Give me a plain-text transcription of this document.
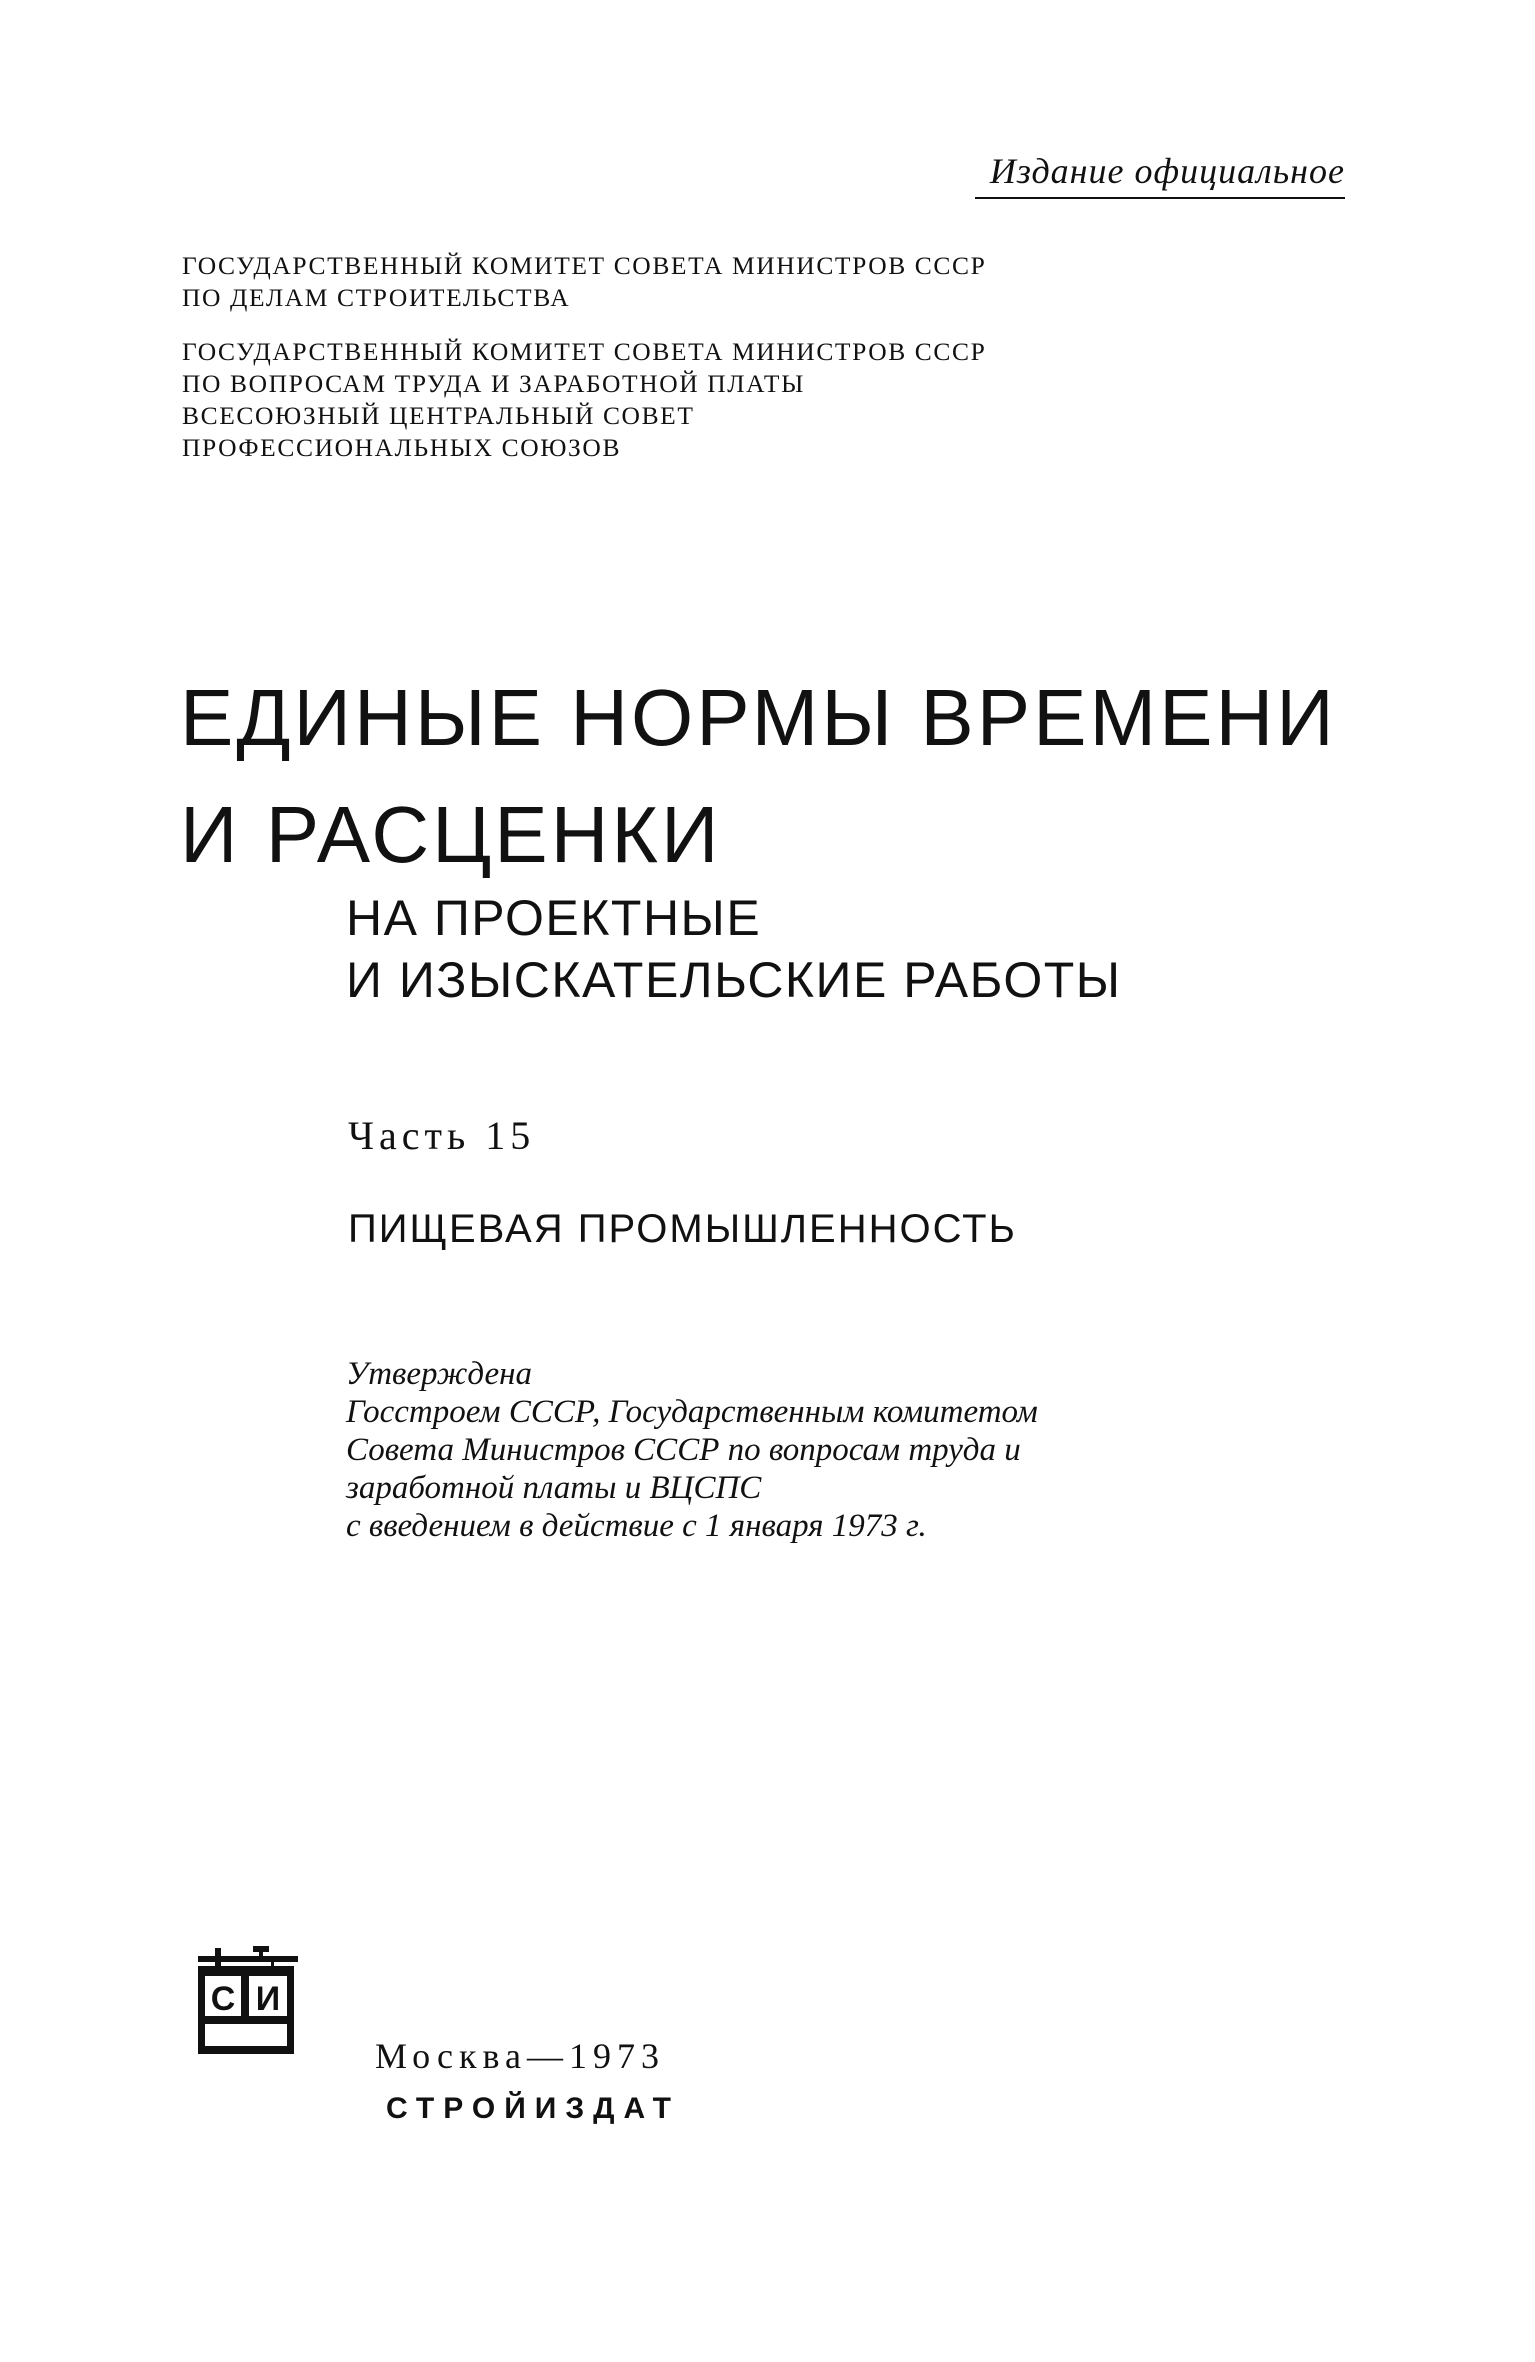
Издание официальное
ГОСУДАРСТВЕННЫЙ КОМИТЕТ СОВЕТА МИНИСТРОВ СССР
ПО ДЕЛАМ СТРОИТЕЛЬСТВА
ГОСУДАРСТВЕННЫЙ КОМИТЕТ СОВЕТА МИНИСТРОВ СССР
ПО ВОПРОСАМ ТРУДА И ЗАРАБОТНОЙ ПЛАТЫ
ВСЕСОЮЗНЫЙ ЦЕНТРАЛЬНЫЙ СОВЕТ
ПРОФЕССИОНАЛЬНЫХ СОЮЗОВ
ЕДИНЫЕ НОРМЫ ВРЕМЕНИ
И РАСЦЕНКИ
НА ПРОЕКТНЫЕ
И ИЗЫСКАТЕЛЬСКИЕ РАБОТЫ
Часть 15
ПИЩЕВАЯ ПРОМЫШЛЕННОСТЬ
Утверждена
Госстроем СССР, Государственным комитетом
Совета Министров СССР по вопросам труда и
заработной платы и ВЦСПС
с введением в действие с 1 января 1973 г.
С И
Москва—1973
СТРОЙИЗДАТ
